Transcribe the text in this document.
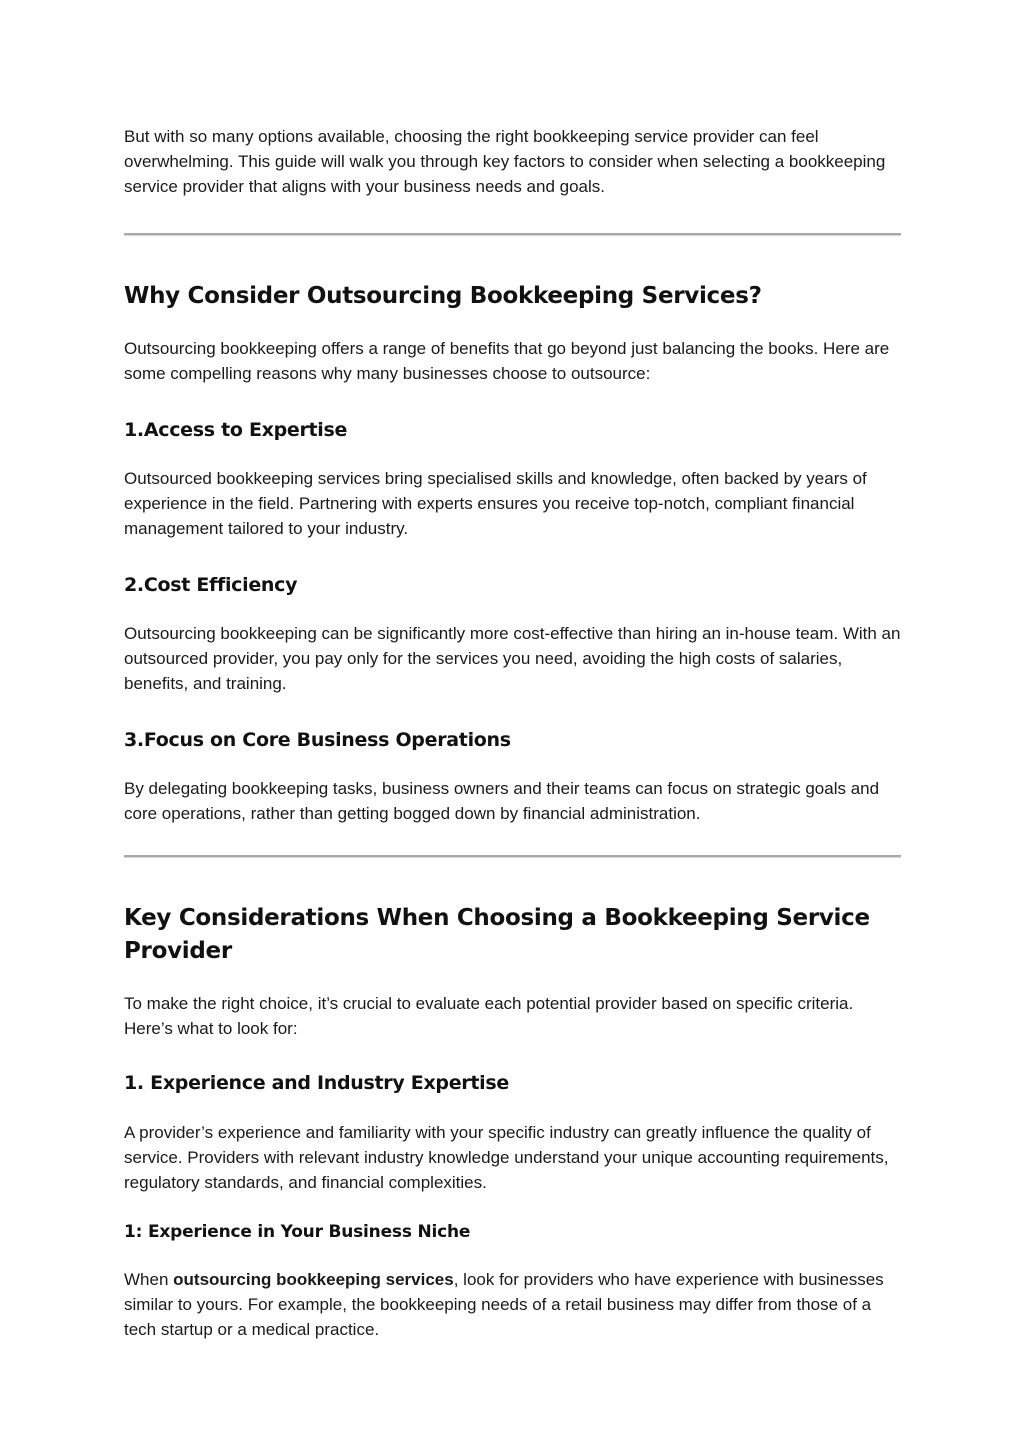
But with so many options available, choosing the right bookkeeping service provider can feel overwhelming. This guide will walk you through key factors to consider when selecting a bookkeeping service provider that aligns with your business needs and goals.

Why Consider Outsourcing Bookkeeping Services?

Outsourcing bookkeeping offers a range of benefits that go beyond just balancing the books. Here are some compelling reasons why many businesses choose to outsource:

1.Access to Expertise

Outsourced bookkeeping services bring specialised skills and knowledge, often backed by years of experience in the field. Partnering with experts ensures you receive top-notch, compliant financial management tailored to your industry.

2.Cost Efficiency

Outsourcing bookkeeping can be significantly more cost-effective than hiring an in-house team. With an outsourced provider, you pay only for the services you need, avoiding the high costs of salaries, benefits, and training.

3.Focus on Core Business Operations

By delegating bookkeeping tasks, business owners and their teams can focus on strategic goals and core operations, rather than getting bogged down by financial administration.

Key Considerations When Choosing a Bookkeeping Service
Provider

To make the right choice, it’s crucial to evaluate each potential provider based on specific criteria. Here’s what to look for:

1. Experience and Industry Expertise

A provider’s experience and familiarity with your specific industry can greatly influence the quality of service. Providers with relevant industry knowledge understand your unique accounting requirements, regulatory standards, and financial complexities.

1: Experience in Your Business Niche

When outsourcing bookkeeping services, look for providers who have experience with businesses similar to yours. For example, the bookkeeping needs of a retail business may differ from those of a tech startup or a medical practice.
